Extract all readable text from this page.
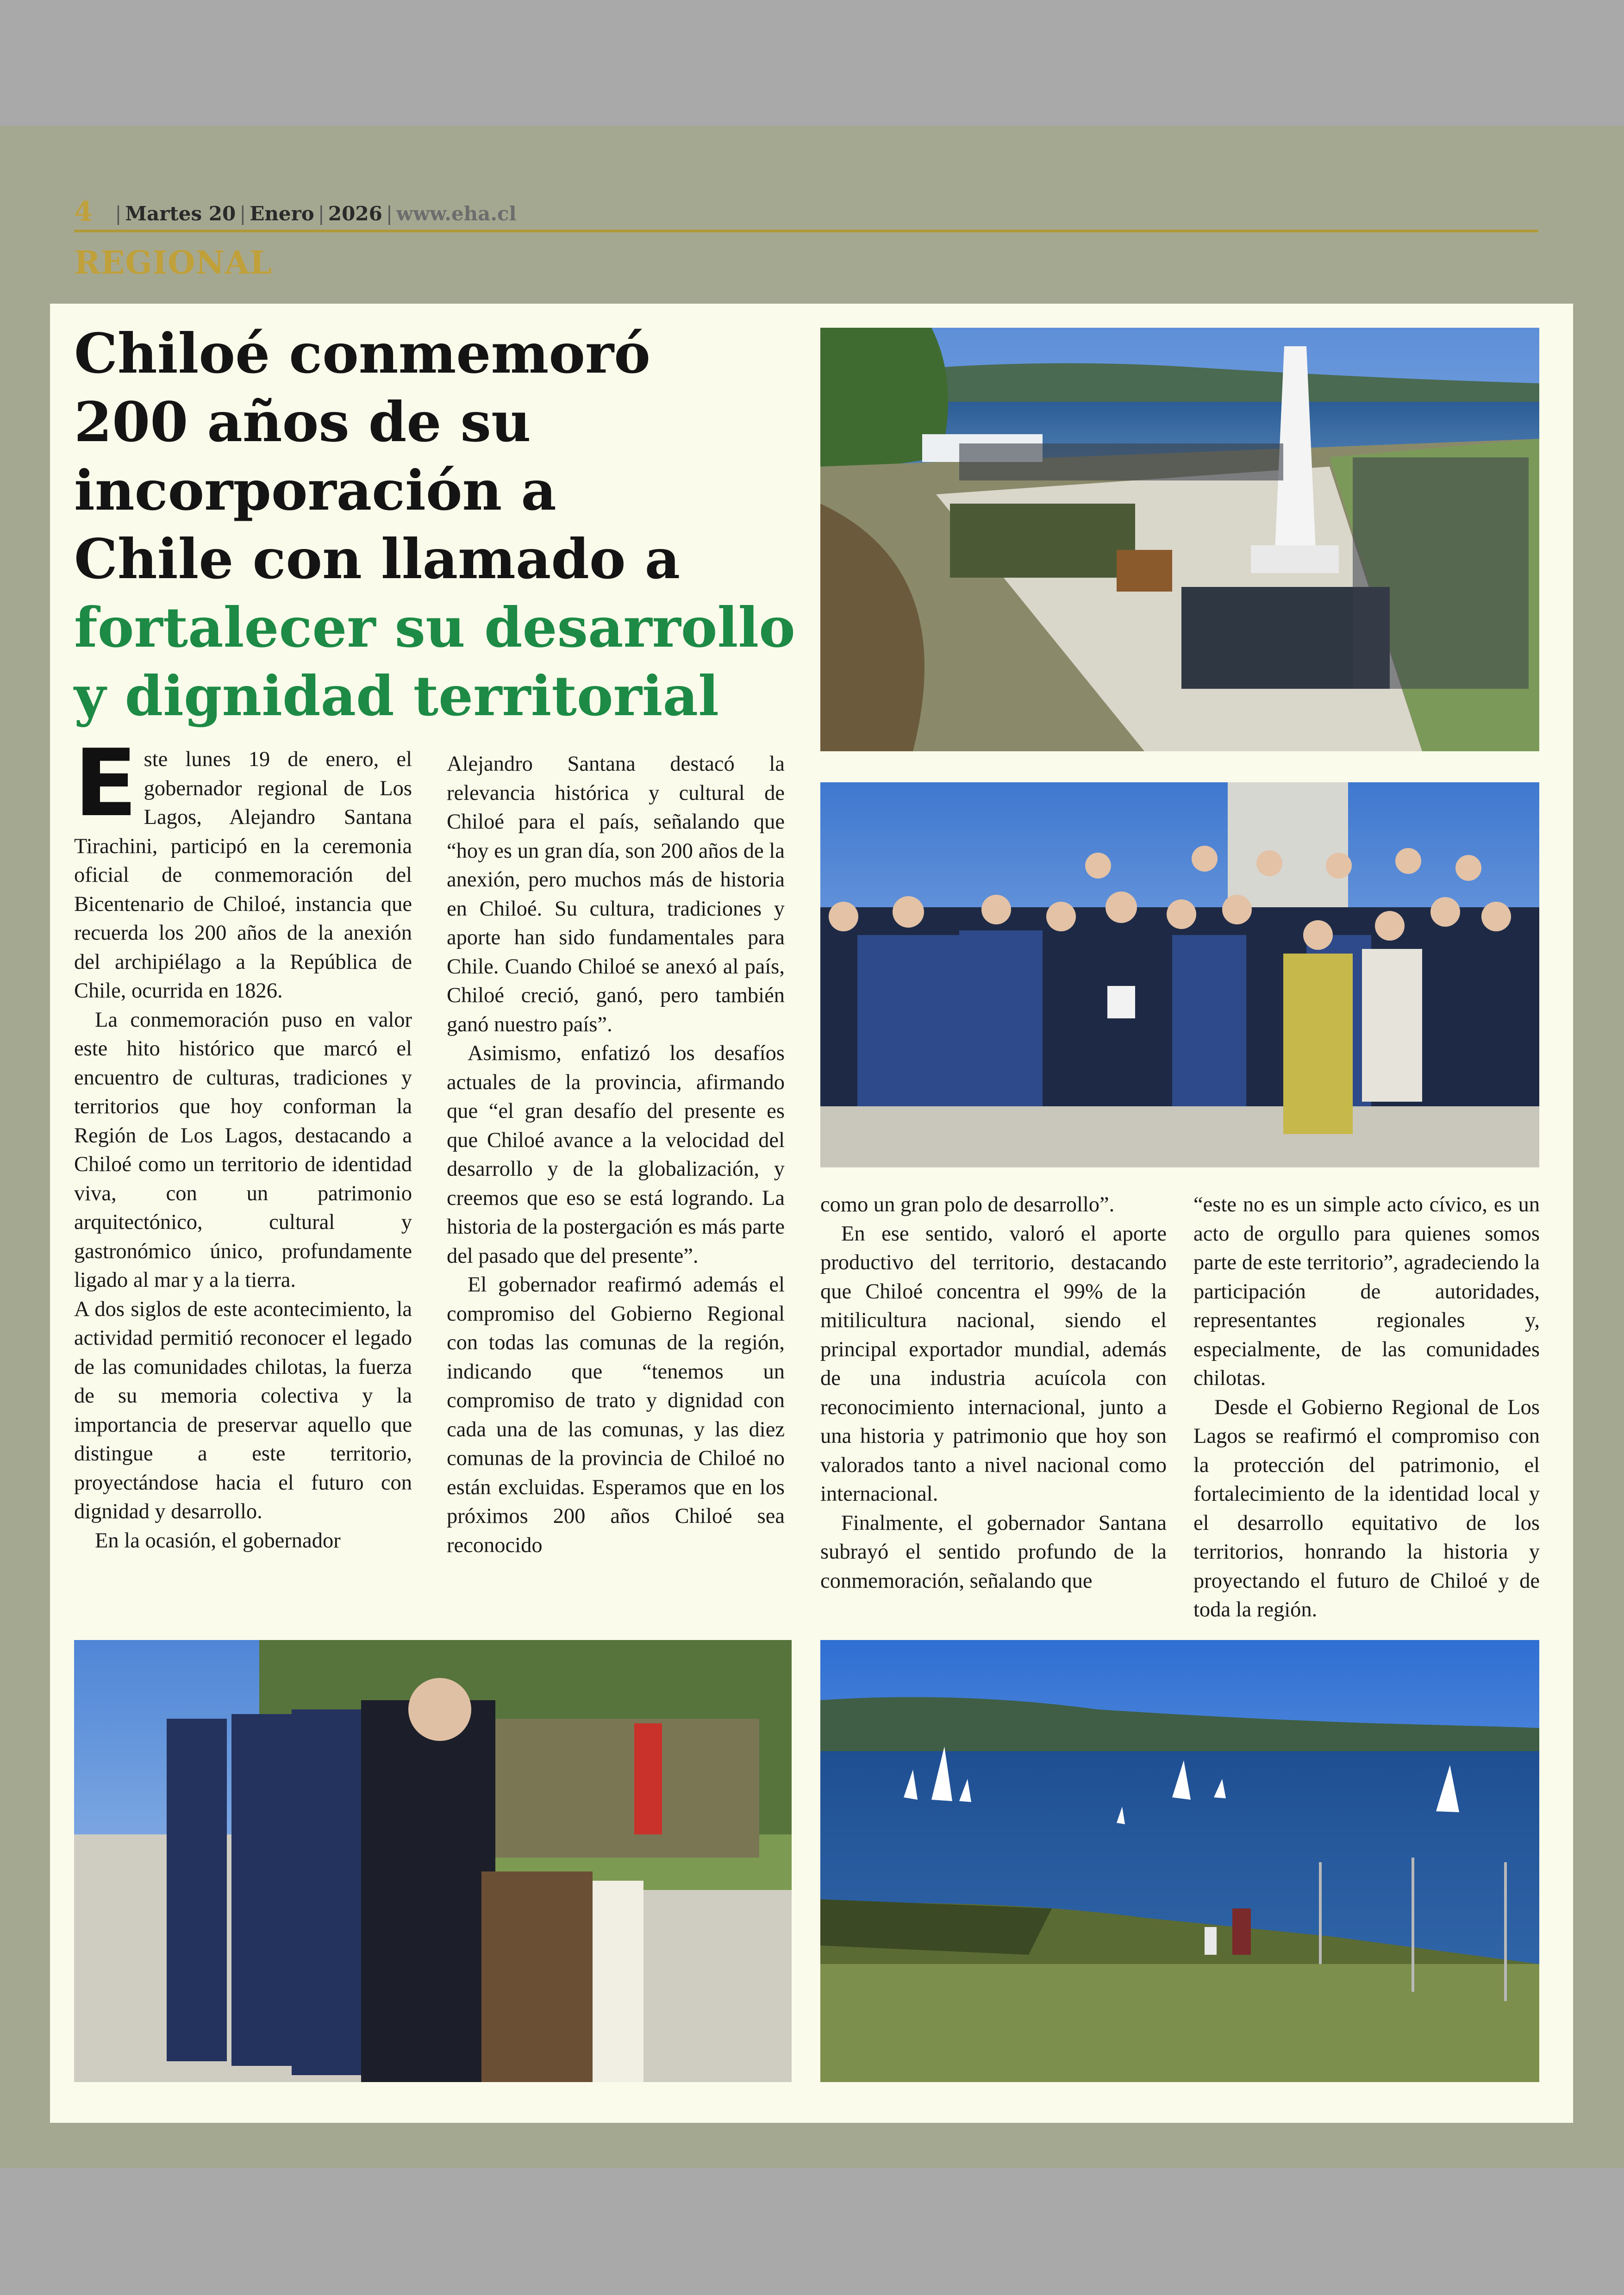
4 | Martes 20 | Enero | 2026 | www.eha.cl
REGIONAL
Chiloé conmemoró
200 años de su
incorporación a
Chile con llamado a
fortalecer su desarrollo
y dignidad territorial

Este lunes 19 de enero, el gobernador regional de Los Lagos, Alejandro Santana Tirachini, participó en la ceremonia oficial de conmemoración del Bicentenario de Chiloé, instancia que recuerda los 200 años de la anexión del archipiélago a la República de Chile, ocurrida en 1826.

La conmemoración puso en valor este hito histórico que marcó el encuentro de culturas, tradiciones y territorios que hoy conforman la Región de Los Lagos, destacando a Chiloé como un territorio de identidad viva, con un patrimonio arquitectónico, cultural y gastronómico único, profundamente ligado al mar y a la tierra.

A dos siglos de este acontecimiento, la actividad permitió reconocer el legado de las comunidades chilotas, la fuerza de su memoria colectiva y la importancia de preservar aquello que distingue a este territorio, proyectándose hacia el futuro con dignidad y desarrollo.

En la ocasión, el gobernador

Alejandro Santana destacó la relevancia histórica y cultural de Chiloé para el país, señalando que “hoy es un gran día, son 200 años de la anexión, pero muchos más de historia en Chiloé. Su cultura, tradiciones y aporte han sido fundamentales para Chile. Cuando Chiloé se anexó al país, Chiloé creció, ganó, pero también ganó nuestro país”.

Asimismo, enfatizó los desafíos actuales de la provincia, afirmando que “el gran desafío del presente es que Chiloé avance a la velocidad del desarrollo y de la globalización, y creemos que eso se está logrando. La historia de la postergación es más parte del pasado que del presente”.

El gobernador reafirmó además el compromiso del Gobierno Regional con todas las comunas de la región, indicando que “tenemos un compromiso de trato y dignidad con cada una de las comunas, y las diez comunas de la provincia de Chiloé no están excluidas. Esperamos que en los próximos 200 años Chiloé sea reconocido

como un gran polo de desarrollo”.

En ese sentido, valoró el aporte productivo del territorio, destacando que Chiloé concentra el 99% de la mitilicultura nacional, siendo el principal exportador mundial, además de una industria acuícola con reconocimiento internacional, junto a una historia y patrimonio que hoy son valorados tanto a nivel nacional como internacional.

Finalmente, el gobernador Santana subrayó el sentido profundo de la conmemoración, señalando que

“este no es un simple acto cívico, es un acto de orgullo para quienes somos parte de este territorio”, agradeciendo la participación de autoridades, representantes regionales y, especialmente, de las comunidades chilotas.

Desde el Gobierno Regional de Los Lagos se reafirmó el compromiso con la protección del patrimonio, el fortalecimiento de la identidad local y el desarrollo equitativo de los territorios, honrando la historia y proyectando el futuro de Chiloé y de toda la región.
